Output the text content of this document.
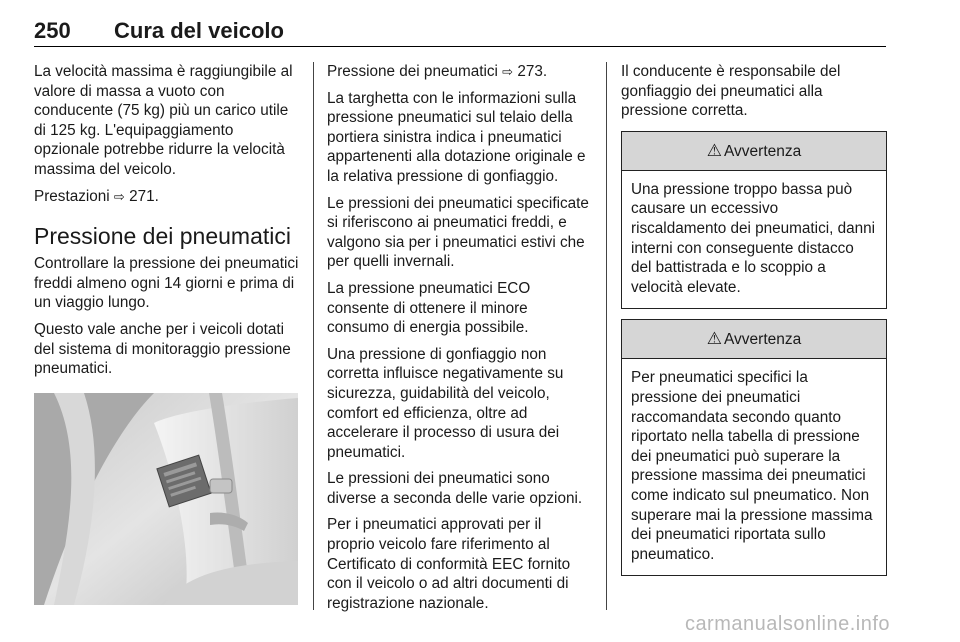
250 Cura del veicolo

La velocità massima è raggiungibile al valore di massa a vuoto con conducente (75 kg) più un carico utile di 125 kg. L'equipaggiamento opzionale potrebbe ridurre la velocità massima del veicolo.

Prestazioni ⇨ 271.

Pressione dei pneumatici

Controllare la pressione dei pneumatici freddi almeno ogni 14 giorni e prima di un viaggio lungo.

Questo vale anche per i veicoli dotati del sistema di monitoraggio pressione pneumatici.

Pressione dei pneumatici ⇨ 273.

La targhetta con le informazioni sulla pressione pneumatici sul telaio della portiera sinistra indica i pneumatici appartenenti alla dotazione originale e la relativa pressione di gonfiaggio.

Le pressioni dei pneumatici specificate si riferiscono ai pneumatici freddi, e valgono sia per i pneumatici estivi che per quelli invernali.

La pressione pneumatici ECO consente di ottenere il minore consumo di energia possibile.

Una pressione di gonfiaggio non corretta influisce negativamente su sicurezza, guidabilità del veicolo, comfort ed efficienza, oltre ad accelerare il processo di usura dei pneumatici.

Le pressioni dei pneumatici sono diverse a seconda delle varie opzioni.

Per i pneumatici approvati per il proprio veicolo fare riferimento al Certificato di conformità EEC fornito con il veicolo o ad altri documenti di registrazione nazionale.

Il conducente è responsabile del gonfiaggio dei pneumatici alla pressione corretta.

⚠ Avvertenza

Una pressione troppo bassa può causare un eccessivo riscaldamento dei pneumatici, danni interni con conseguente distacco del battistrada e lo scoppio a velocità elevate.

⚠ Avvertenza

Per pneumatici specifici la pressione dei pneumatici raccomandata secondo quanto riportato nella tabella di pressione dei pneumatici può superare la pressione massima dei pneumatici come indicato sul pneumatico. Non superare mai la pressione massima dei pneumatici riportata sullo pneumatico.

carmanualsonline.info
